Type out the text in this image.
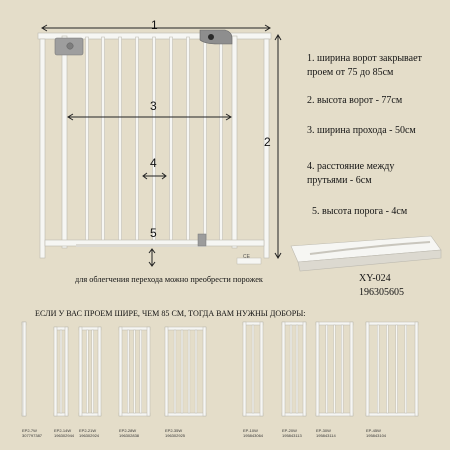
CE
1
2
3
4
5
1. ширина ворот закрывает
проем от 75 до 85см
2. высота ворот - 77см
3. ширина прохода - 50см
4. расстояние между
прутьями - 6см
5. высота порога - 4см
для облегчения перехода можно преобрести порожек	XY-024
196305605
ЕСЛИ У ВАС ПРОЕМ ШИРЕ, ЧЕМ 85 СМ, ТОГДА ВАМ НУЖНЫ ДОБОРЫ:
EP2-7W
307797387
EP2-14W
196302944
EP2-21W
196302924
EP2-28W
196302838
EP2-35W
196302925
EP-10W
195843064
EP-20W
195843113
EP-30W
195843114
EP-45W
195843104
